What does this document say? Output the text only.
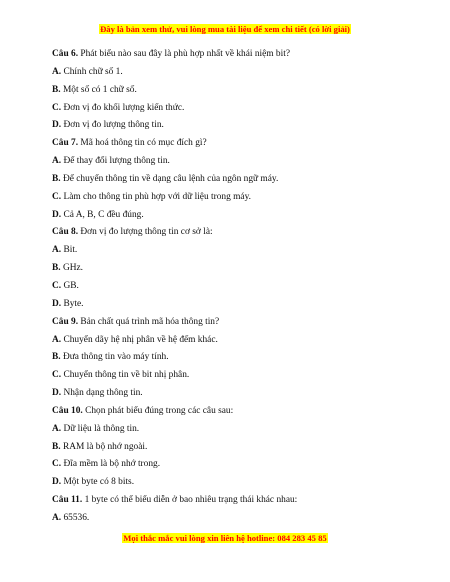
Đây là bản xem thử, vui lòng mua tài liệu để xem chi tiết (có lời giải)
Câu 6. Phát biểu nào sau đây là phù hợp nhất về khái niệm bit?
A. Chính chữ số 1.
B. Một số có 1 chữ số.
C. Đơn vị đo khối lượng kiến thức.
D. Đơn vị đo lượng thông tin.
Câu 7. Mã hoá thông tin có mục đích gì?
A. Để thay đổi lượng thông tin.
B. Để chuyển thông tin về dạng câu lệnh của ngôn ngữ máy.
C. Làm cho thông tin phù hợp với dữ liệu trong máy.
D. Cả A, B, C đều đúng.
Câu 8. Đơn vị đo lượng thông tin cơ sở là:
A. Bit.
B. GHz.
C. GB.
D. Byte.
Câu 9. Bản chất quá trình mã hóa thông tin?
A. Chuyển dãy hệ nhị phân về hệ đếm khác.
B. Đưa thông tin vào máy tính.
C. Chuyển thông tin về bit nhị phân.
D. Nhận dạng thông tin.
Câu 10. Chọn phát biểu đúng trong các câu sau:
A. Dữ liệu là thông tin.
B. RAM là bộ nhớ ngoài.
C. Đĩa mềm là bộ nhớ trong.
D. Một byte có 8 bits.
Câu 11. 1 byte có thể biểu diễn ở bao nhiêu trạng thái khác nhau:
A. 65536.
Mọi thắc mắc vui lòng xin liên hệ hotline: 084 283 45 85
